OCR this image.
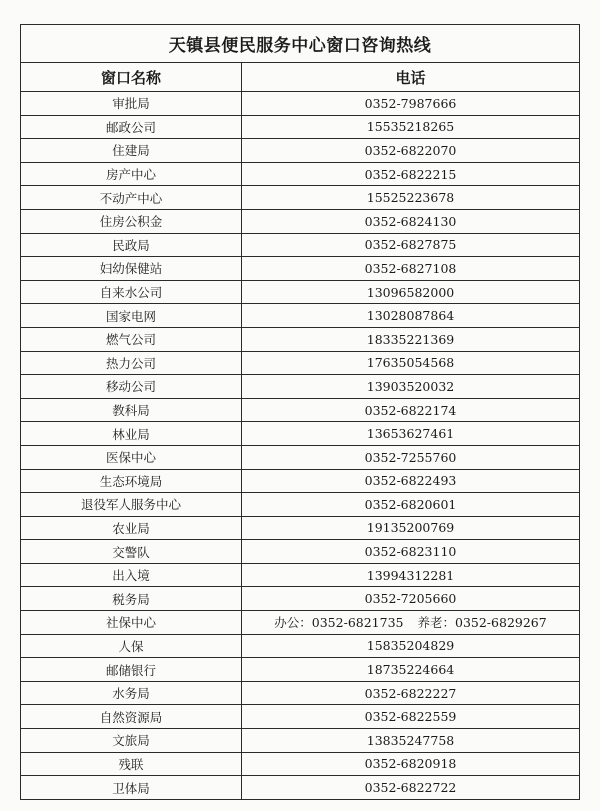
天镇县便民服务中心窗口咨询热线	
窗口名称	电话
审批局	0352-7987666
邮政公司	15535218265
住建局	0352-6822070
房产中心	0352-6822215
不动产中心	15525223678
住房公积金	0352-6824130
民政局	0352-6827875
妇幼保健站	0352-6827108
自来水公司	13096582000
国家电网	13028087864
燃气公司	18335221369
热力公司	17635054568
移动公司	13903520032
教科局	0352-6822174
林业局	13653627461
医保中心	0352-7255760
生态环境局	0352-6822493
退役军人服务中心	0352-6820601
农业局	19135200769
交警队	0352-6823110
出入境	13994312281
税务局	0352-7205660
社保中心	办公：0352-6821735 养老：0352-6829267
人保	15835204829
邮储银行	18735224664
水务局	0352-6822227
自然资源局	0352-6822559
文旅局	13835247758
残联	0352-6820918
卫体局	0352-6822722
